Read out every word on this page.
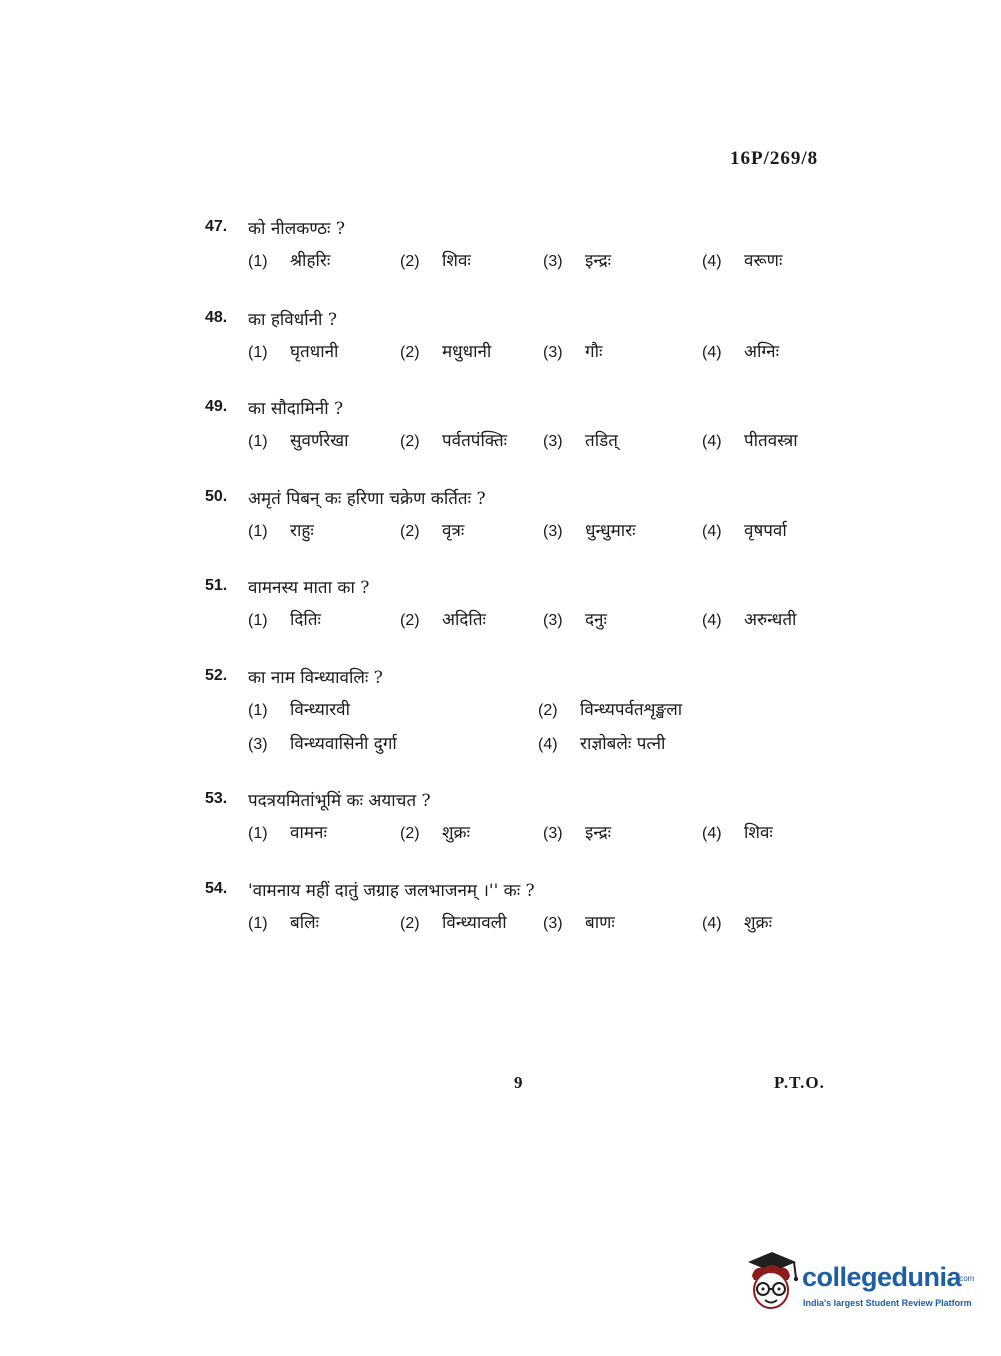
16P/269/8
47. को नीलकण्ठः ?
(1) श्रीहरिः	(2) शिवः	(3) इन्द्रः	(4) वरूणः
48. का हविर्धानी ?
(1) घृतधानी	(2) मधुधानी	(3) गौः	(4) अग्निः
49. का सौदामिनी ?
(1) सुवर्णरेखा	(2) पर्वतपंक्तिः (3) तडित्	(4) पीतवस्त्रा
50. अमृतं पिबन् कः हरिणा चक्रेण कर्तितः ?
(1) राहुः	(2) वृत्रः	(3) धुन्धुमारः	(4) वृषपर्वा
51. वामनस्य माता का ?
(1) दितिः	(2) अदितिः	(3) दनुः	(4) अरुन्धती
52. का नाम विन्ध्यावलिः ?
(1) विन्ध्यारवी	(2) विन्ध्यपर्वतशृङ्खला
(3) विन्ध्यवासिनी दुर्गा	(4) राज्ञोबलेः पत्नी
53. पदत्रयमितांभूमिं कः अयाचत ?
(1) वामनः	(2) शुक्रः	(3) इन्द्रः	(4) शिवः
54. 'वामनाय महीं दातुं जग्राह जलभाजनम् ।'' कः ?
(1) बलिः	(2) विन्ध्यावली (3) बाणः	(4) शुक्रः
9	P.T.O.
collegedunia
.com
India's largest Student Review Platform
